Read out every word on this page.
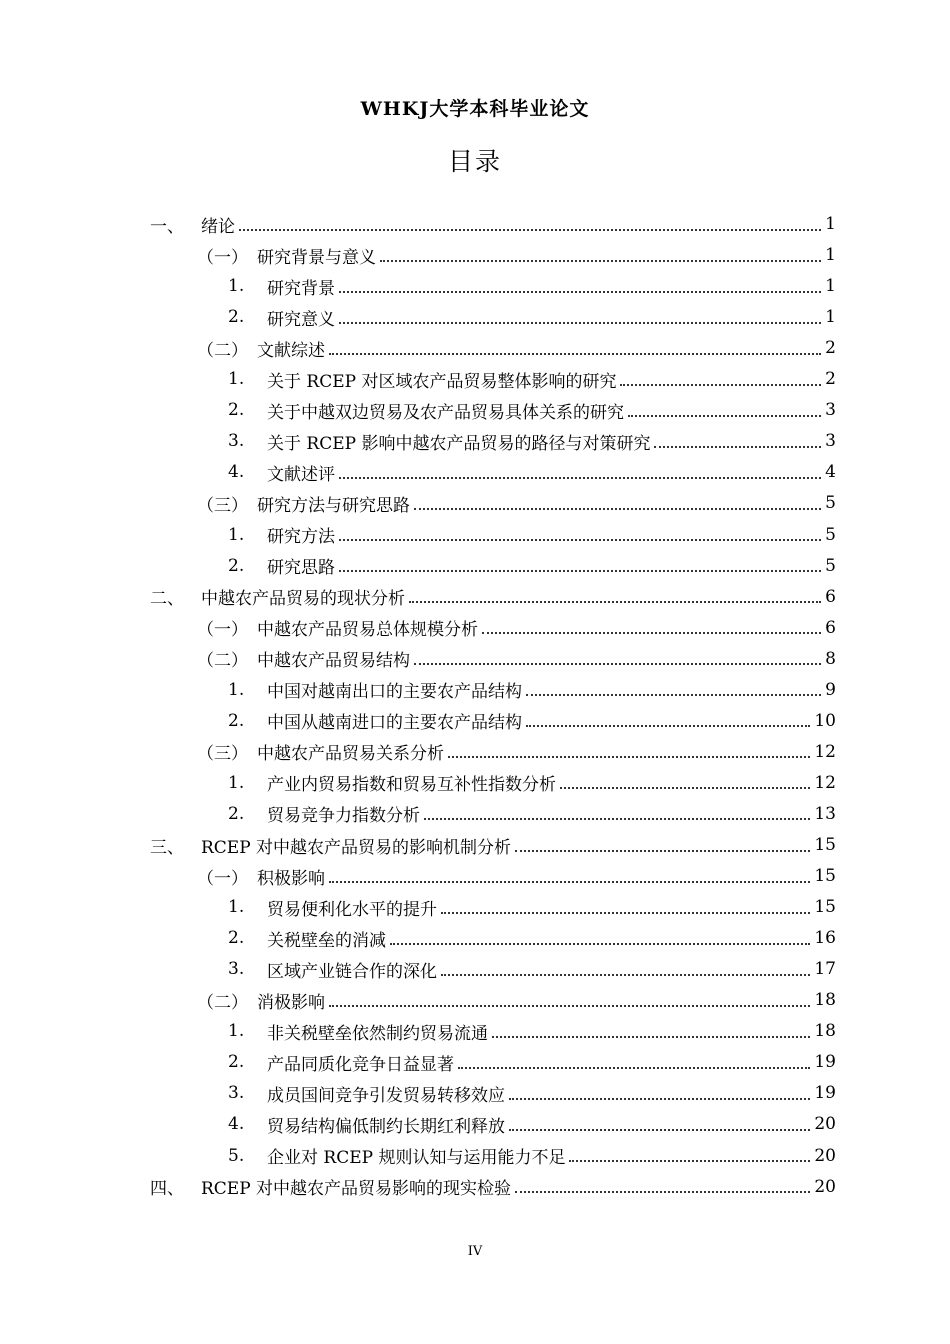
WHKJ大学本科毕业论文
目录
一、	绪论	1
（一） 研究背景与意义	1
1.	研究背景	1
2.	研究意义	1
（二） 文献综述	2
1.	关于 RCEP 对区域农产品贸易整体影响的研究	2
2.	关于中越双边贸易及农产品贸易具体关系的研究	3
3.	关于 RCEP 影响中越农产品贸易的路径与对策研究	3
4.	文献述评	4
（三） 研究方法与研究思路	5
1.	研究方法	5
2.	研究思路	5
二、	中越农产品贸易的现状分析	6
（一） 中越农产品贸易总体规模分析	6
（二） 中越农产品贸易结构	8
1.	中国对越南出口的主要农产品结构	9
2.	中国从越南进口的主要农产品结构	10
（三） 中越农产品贸易关系分析	12
1.	产业内贸易指数和贸易互补性指数分析	12
2.	贸易竞争力指数分析	13
三、	RCEP 对中越农产品贸易的影响机制分析	15
（一） 积极影响	15
1.	贸易便利化水平的提升	15
2.	关税壁垒的消减	16
3.	区域产业链合作的深化	17
（二） 消极影响	18
1.	非关税壁垒依然制约贸易流通	18
2.	产品同质化竞争日益显著	19
3.	成员国间竞争引发贸易转移效应	19
4.	贸易结构偏低制约长期红利释放	20
5.	企业对 RCEP 规则认知与运用能力不足	20
四、	RCEP 对中越农产品贸易影响的现实检验	20
IV
